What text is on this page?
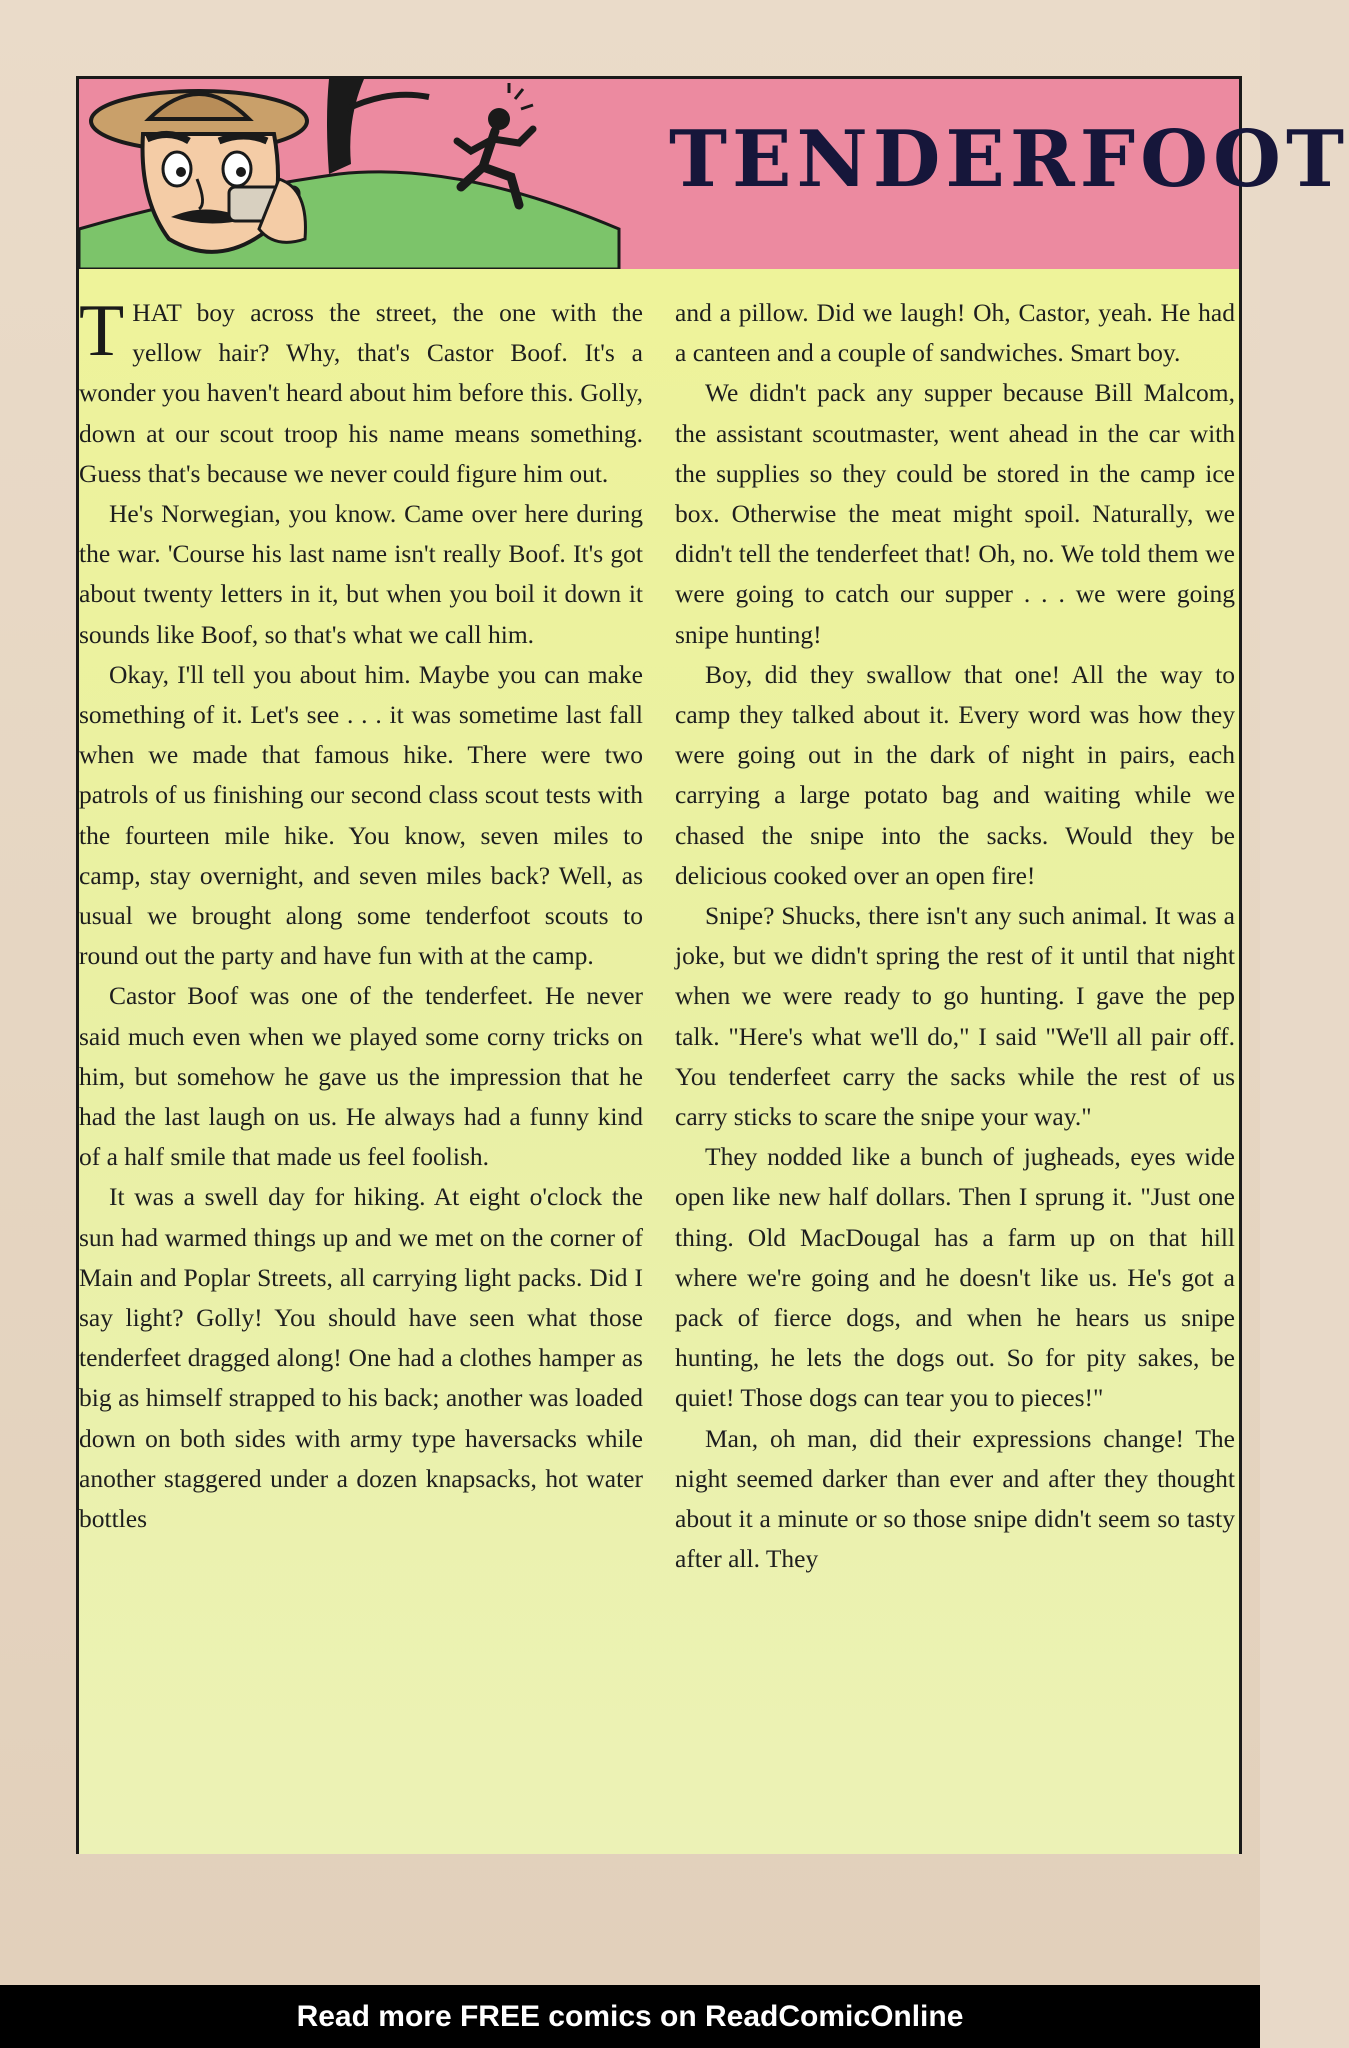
TENDERFOOT

THAT boy across the street, the one with the yellow hair? Why, that's Castor Boof. It's a wonder you haven't heard about him before this. Golly, down at our scout troop his name means something. Guess that's because we never could figure him out.

He's Norwegian, you know. Came over here during the war. 'Course his last name isn't really Boof. It's got about twenty letters in it, but when you boil it down it sounds like Boof, so that's what we call him.

Okay, I'll tell you about him. Maybe you can make something of it. Let's see . . . it was sometime last fall when we made that famous hike. There were two patrols of us finishing our second class scout tests with the fourteen mile hike. You know, seven miles to camp, stay overnight, and seven miles back? Well, as usual we brought along some tenderfoot scouts to round out the party and have fun with at the camp.

Castor Boof was one of the tenderfeet. He never said much even when we played some corny tricks on him, but somehow he gave us the impression that he had the last laugh on us. He always had a funny kind of a half smile that made us feel foolish.

It was a swell day for hiking. At eight o'clock the sun had warmed things up and we met on the corner of Main and Poplar Streets, all carrying light packs. Did I say light? Golly! You should have seen what those tenderfeet dragged along! One had a clothes hamper as big as himself strapped to his back; another was loaded down on both sides with army type haversacks while another staggered under a dozen knapsacks, hot water bottles

and a pillow. Did we laugh! Oh, Castor, yeah. He had a canteen and a couple of sandwiches. Smart boy.

We didn't pack any supper because Bill Malcom, the assistant scoutmaster, went ahead in the car with the supplies so they could be stored in the camp ice box. Otherwise the meat might spoil. Naturally, we didn't tell the tenderfeet that! Oh, no. We told them we were going to catch our supper . . . we were going snipe hunting!

Boy, did they swallow that one! All the way to camp they talked about it. Every word was how they were going out in the dark of night in pairs, each carrying a large potato bag and waiting while we chased the snipe into the sacks. Would they be delicious cooked over an open fire!

Snipe? Shucks, there isn't any such animal. It was a joke, but we didn't spring the rest of it until that night when we were ready to go hunting. I gave the pep talk. "Here's what we'll do," I said "We'll all pair off. You tenderfeet carry the sacks while the rest of us carry sticks to scare the snipe your way."

They nodded like a bunch of jugheads, eyes wide open like new half dollars. Then I sprung it. "Just one thing. Old MacDougal has a farm up on that hill where we're going and he doesn't like us. He's got a pack of fierce dogs, and when he hears us snipe hunting, he lets the dogs out. So for pity sakes, be quiet! Those dogs can tear you to pieces!"

Man, oh man, did their expressions change! The night seemed darker than ever and after they thought about it a minute or so those snipe didn't seem so tasty after all. They

Read more FREE comics on ReadComicOnline
